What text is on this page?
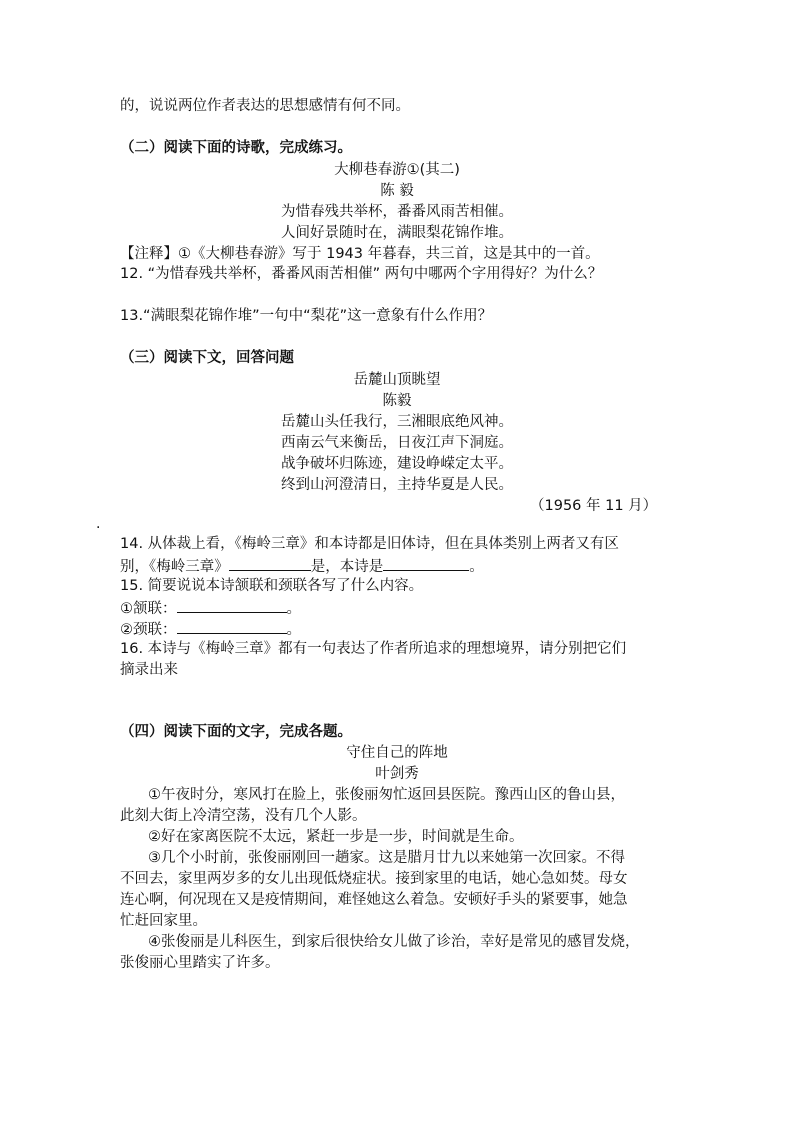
的，说说两位作者表达的思想感情有何不同。
（二）阅读下面的诗歌，完成练习。
大柳巷春游①(其二)
陈 毅
为惜春残共举杯，番番风雨苦相催。
人间好景随时在，满眼梨花锦作堆。
【注释】①《大柳巷春游》写于 1943 年暮春，共三首，这是其中的一首。
12. “为惜春残共举杯，番番风雨苦相催” 两句中哪两个字用得好？为什么？
13.“满眼梨花锦作堆”一句中“梨花”这一意象有什么作用？
（三）阅读下文，回答问题
岳麓山顶眺望
陈毅
岳麓山头任我行，三湘眼底绝风神。
西南云气来衡岳，日夜江声下洞庭。
战争破坏归陈迹，建设峥嵘定太平。
终到山河澄清日，主持华夏是人民。
（1956 年 11 月）
.
14. 从体裁上看，《梅岭三章》和本诗都是旧体诗，但在具体类别上两者又有区
别，《梅岭三章》	是，本诗是	。
15. 简要说说本诗颔联和颈联各写了什么内容。
①颔联：	。
②颈联：	。
16. 本诗与《梅岭三章》都有一句表达了作者所追求的理想境界，请分别把它们
摘录出来
（四）阅读下面的文字，完成各题。
守住自己的阵地
叶剑秀
①午夜时分，寒风打在脸上，张俊丽匆忙返回县医院。豫西山区的鲁山县，
此刻大街上冷清空荡，没有几个人影。
②好在家离医院不太远，紧赶一步是一步，时间就是生命。
③几个小时前，张俊丽刚回一趟家。这是腊月廿九以来她第一次回家。不得
不回去，家里两岁多的女儿出现低烧症状。接到家里的电话，她心急如焚。母女
连心啊，何况现在又是疫情期间，难怪她这么着急。安顿好手头的紧要事，她急
忙赶回家里。
④张俊丽是儿科医生，到家后很快给女儿做了诊治，幸好是常见的感冒发烧，
张俊丽心里踏实了许多。
